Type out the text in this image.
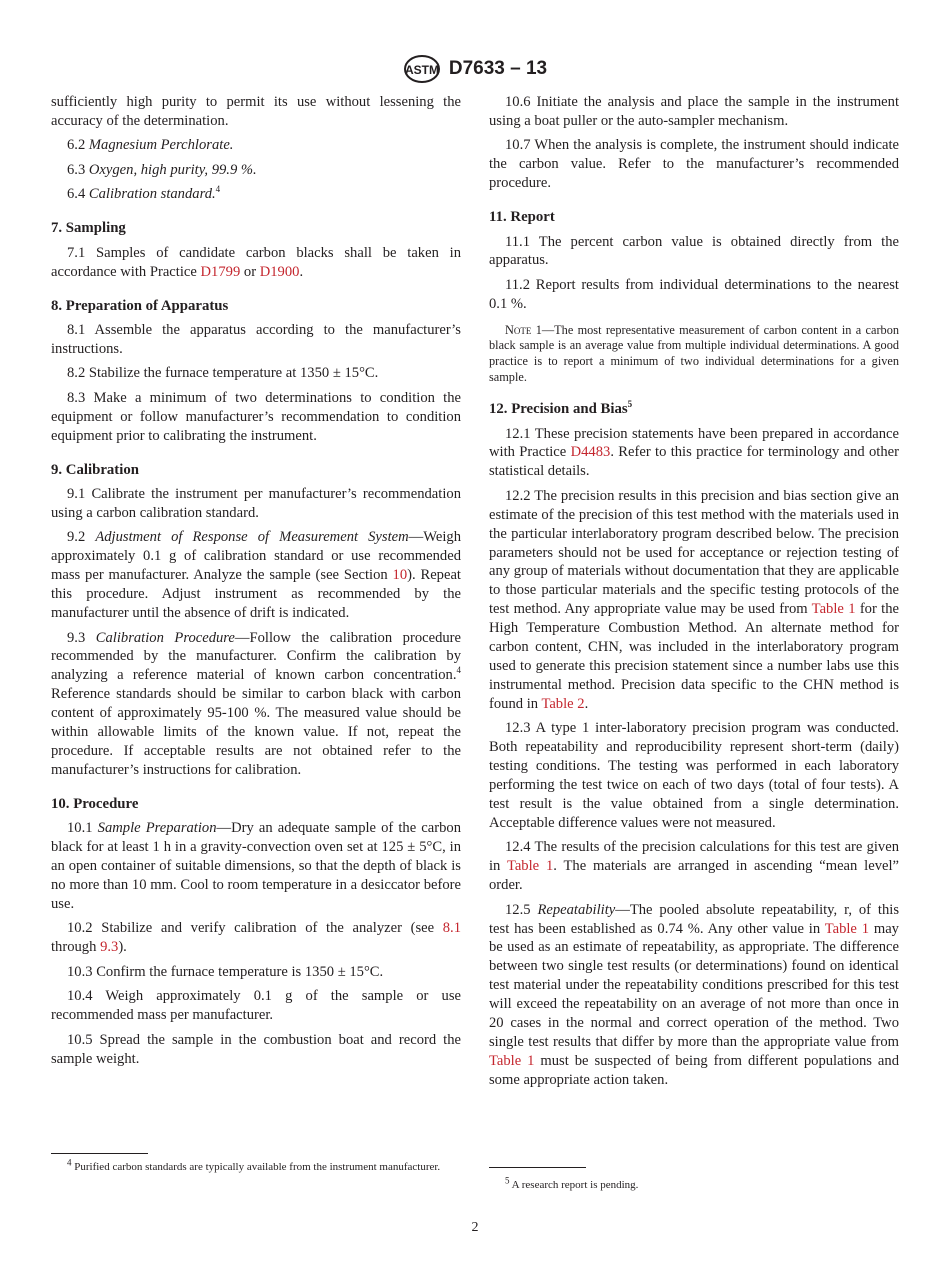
ASTM D7633 – 13
sufficiently high purity to permit its use without lessening the accuracy of the determination.
6.2 Magnesium Perchlorate.
6.3 Oxygen, high purity, 99.9 %.
6.4 Calibration standard.$^4$
7. Sampling
7.1 Samples of candidate carbon blacks shall be taken in accordance with Practice D1799 or D1900.
8. Preparation of Apparatus
8.1 Assemble the apparatus according to the manufacturer’s instructions.
8.2 Stabilize the furnace temperature at 1350 ± 15°C.
8.3 Make a minimum of two determinations to condition the equipment or follow manufacturer’s recommendation to condition equipment prior to calibrating the instrument.
9. Calibration
9.1 Calibrate the instrument per manufacturer’s recommendation using a carbon calibration standard.
9.2 Adjustment of Response of Measurement System—Weigh approximately 0.1 g of calibration standard or use recommended mass per manufacturer. Analyze the sample (see Section 10). Repeat this procedure. Adjust instrument as recommended by the manufacturer until the absence of drift is indicated.
9.3 Calibration Procedure—Follow the calibration procedure recommended by the manufacturer. Confirm the calibration by analyzing a reference material of known carbon concentration.$^4$ Reference standards should be similar to carbon black with carbon content of approximately 95-100 %. The measured value should be within allowable limits of the known value. If not, repeat the procedure. If acceptable results are not obtained refer to the manufacturer’s instructions for calibration.
10. Procedure
10.1 Sample Preparation—Dry an adequate sample of the carbon black for at least 1 h in a gravity-convection oven set at 125 ± 5°C, in an open container of suitable dimensions, so that the depth of black is no more than 10 mm. Cool to room temperature in a desiccator before use.
10.2 Stabilize and verify calibration of the analyzer (see 8.1 through 9.3).
10.3 Confirm the furnace temperature is 1350 ± 15°C.
10.4 Weigh approximately 0.1 g of the sample or use recommended mass per manufacturer.
10.5 Spread the sample in the combustion boat and record the sample weight.
10.6 Initiate the analysis and place the sample in the instrument using a boat puller or the auto-sampler mechanism.
10.7 When the analysis is complete, the instrument should indicate the carbon value. Refer to the manufacturer’s recommended procedure.
11. Report
11.1 The percent carbon value is obtained directly from the apparatus.
11.2 Report results from individual determinations to the nearest 0.1 %.
Note 1—The most representative measurement of carbon content in a carbon black sample is an average value from multiple individual determinations. A good practice is to report a minimum of two individual determinations for a given sample.
12. Precision and Bias$^5$
12.1 These precision statements have been prepared in accordance with Practice D4483. Refer to this practice for terminology and other statistical details.
12.2 The precision results in this precision and bias section give an estimate of the precision of this test method with the materials used in the particular interlaboratory program described below. The precision parameters should not be used for acceptance or rejection testing of any group of materials without documentation that they are applicable to those particular materials and the specific testing protocols of the test method. Any appropriate value may be used from Table 1 for the High Temperature Combustion Method. An alternate method for carbon content, CHN, was included in the interlaboratory program used to generate this precision statement since a number labs use this instrumental method. Precision data specific to the CHN method is found in Table 2.
12.3 A type 1 inter-laboratory precision program was conducted. Both repeatability and reproducibility represent short-term (daily) testing conditions. The testing was performed in each laboratory performing the test twice on each of two days (total of four tests). A test result is the value obtained from a single determination. Acceptable difference values were not measured.
12.4 The results of the precision calculations for this test are given in Table 1. The materials are arranged in ascending “mean level” order.
12.5 Repeatability—The pooled absolute repeatability, r, of this test has been established as 0.74 %. Any other value in Table 1 may be used as an estimate of repeatability, as appropriate. The difference between two single test results (or determinations) found on identical test material under the repeatability conditions prescribed for this test will exceed the repeatability on an average of not more than once in 20 cases in the normal and correct operation of the method. Two single test results that differ by more than the appropriate value from Table 1 must be suspected of being from different populations and some appropriate action taken.
$^4$ Purified carbon standards are typically available from the instrument manufacturer.
$^5$ A research report is pending.
2
